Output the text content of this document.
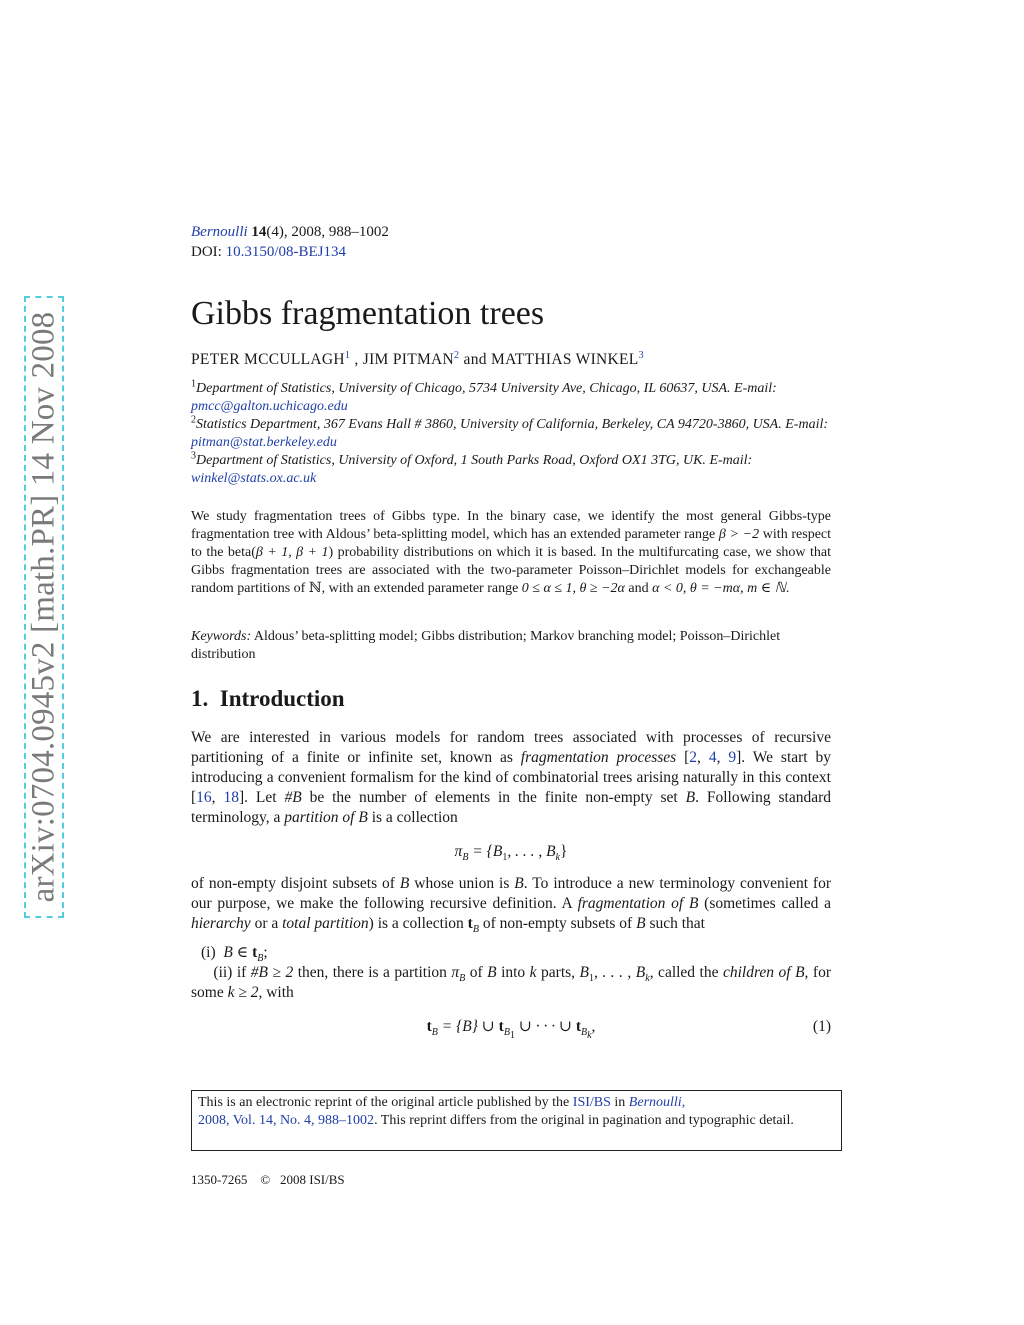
arXiv:0704.0945v2 [math.PR] 14 Nov 2008
Bernoulli 14(4), 2008, 988–1002
DOI: 10.3150/08-BEJ134
Gibbs fragmentation trees
PETER MCCULLAGH$^1$ , JIM PITMAN$^2$ and MATTHIAS WINKEL$^3$
$^1$Department of Statistics, University of Chicago, 5734 University Ave, Chicago, IL 60637, USA. E-mail: pmcc@galton.uchicago.edu
$^2$Statistics Department, 367 Evans Hall # 3860, University of California, Berkeley, CA 94720-3860, USA. E-mail: pitman@stat.berkeley.edu
$^3$Department of Statistics, University of Oxford, 1 South Parks Road, Oxford OX1 3TG, UK. E-mail: winkel@stats.ox.ac.uk
We study fragmentation trees of Gibbs type. In the binary case, we identify the most general Gibbs-type fragmentation tree with Aldous’ beta-splitting model, which has an extended parameter range β > −2 with respect to the beta(β + 1, β + 1) probability distributions on which it is based. In the multifurcating case, we show that Gibbs fragmentation trees are associated with the two-parameter Poisson–Dirichlet models for exchangeable random partitions of ℕ, with an extended parameter range 0 ≤ α ≤ 1, θ ≥ −2α and α < 0, θ = −mα, m ∈ ℕ.
Keywords: Aldous’ beta-splitting model; Gibbs distribution; Markov branching model; Poisson–Dirichlet distribution
1. Introduction

We are interested in various models for random trees associated with processes of recursive partitioning of a finite or infinite set, known as fragmentation processes [2, 4, 9]. We start by introducing a convenient formalism for the kind of combinatorial trees arising naturally in this context [16, 18]. Let #B be the number of elements in the finite non-empty set B. Following standard terminology, a partition of B is a collection

$\pi_B = \{B_1$, . . . , $B_k$}

of non-empty disjoint subsets of B whose union is B. To introduce a new terminology convenient for our purpose, we make the following recursive definition. A fragmentation of B (sometimes called a hierarchy or a total partition) is a collection $t_B$ of non-empty subsets of B such that

(i) B ∈ $t_B$;

(ii) if #B ≥ 2 then, there is a partition $\pi_B$ of B into k parts, $B_1$, . . . , $B_k$, called the children of B, for some k ≥ 2, with

$t_B = \{B\}$ ∪ $t_{B_1}$ ∪ · · · ∪ $t_{B_k}$,	(1)
This is an electronic reprint of the original article published by the ISI/BS in Bernoulli,
2008, Vol. 14, No. 4, 988–1002. This reprint differs from the original in pagination and typographic detail.
1350-7265 © 2008 ISI/BS
